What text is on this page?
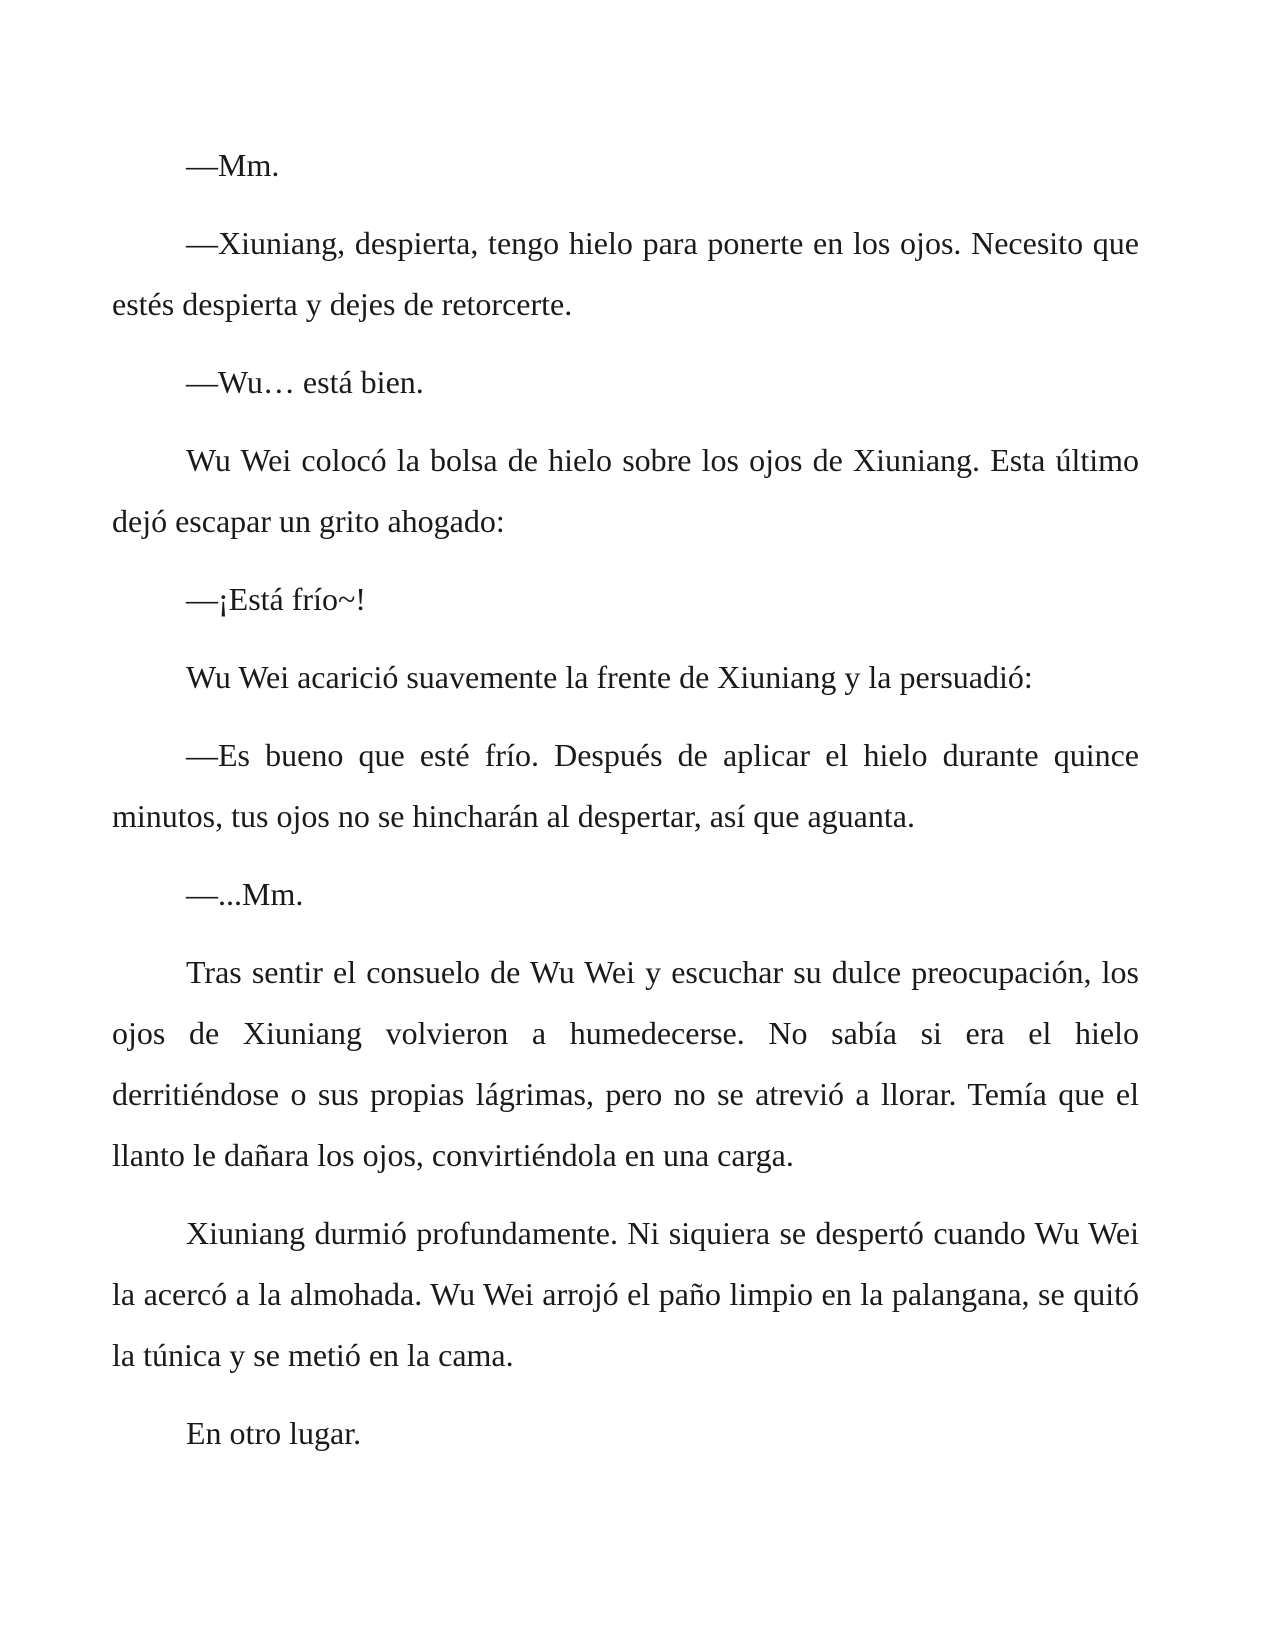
—Mm.

—Xiuniang, despierta, tengo hielo para ponerte en los ojos. Necesito que estés despierta y dejes de retorcerte.

—Wu… está bien.

Wu Wei colocó la bolsa de hielo sobre los ojos de Xiuniang. Esta último dejó escapar un grito ahogado:

—¡Está frío~!

Wu Wei acarició suavemente la frente de Xiuniang y la persuadió:

—Es bueno que esté frío. Después de aplicar el hielo durante quince minutos, tus ojos no se hincharán al despertar, así que aguanta.

—...Mm.

Tras sentir el consuelo de Wu Wei y escuchar su dulce preocupación, los ojos de Xiuniang volvieron a humedecerse. No sabía si era el hielo derritiéndose o sus propias lágrimas, pero no se atrevió a llorar. Temía que el llanto le dañara los ojos, convirtiéndola en una carga.

Xiuniang durmió profundamente. Ni siquiera se despertó cuando Wu Wei la acercó a la almohada. Wu Wei arrojó el paño limpio en la palangana, se quitó la túnica y se metió en la cama.

En otro lugar.
